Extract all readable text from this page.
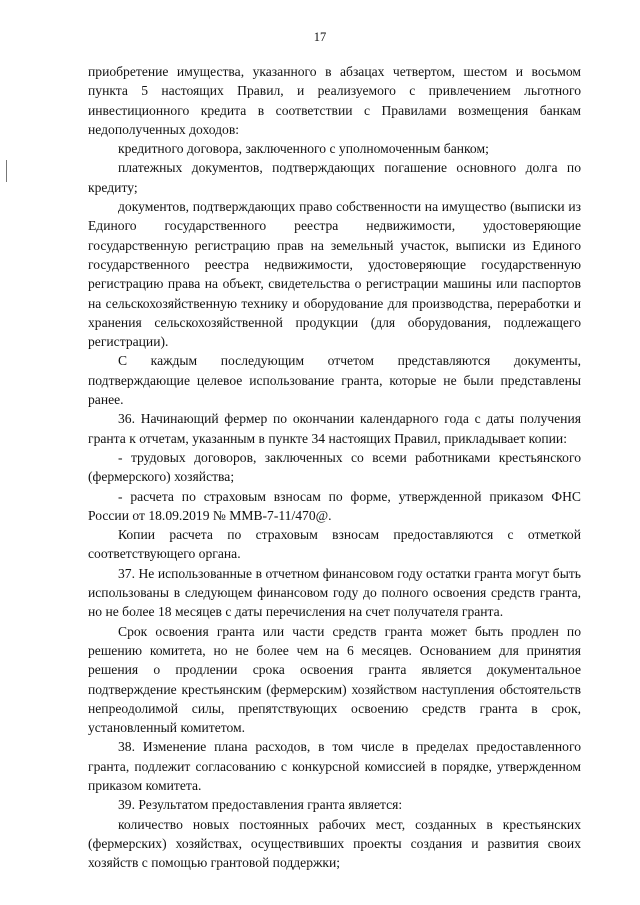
17

приобретение имущества, указанного в абзацах четвертом, шестом и восьмом пункта 5 настоящих Правил, и реализуемого с привлечением льготного инвестиционного кредита в соответствии с Правилами возмещения банкам недополученных доходов:

кредитного договора, заключенного с уполномоченным банком;

платежных документов, подтверждающих погашение основного долга по кредиту;

документов, подтверждающих право собственности на имущество (выписки из Единого государственного реестра недвижимости, удостоверяющие государственную регистрацию прав на земельный участок, выписки из Единого государственного реестра недвижимости, удостоверяющие государственную регистрацию права на объект, свидетельства о регистрации машины или паспортов на сельскохозяйственную технику и оборудование для производства, переработки и хранения сельскохозяйственной продукции (для оборудования, подлежащего регистрации).

С каждым последующим отчетом представляются документы, подтверждающие целевое использование гранта, которые не были представлены ранее.

36. Начинающий фермер по окончании календарного года с даты получения гранта к отчетам, указанным в пункте 34 настоящих Правил, прикладывает копии:

- трудовых договоров, заключенных со всеми работниками крестьянского (фермерского) хозяйства;

- расчета по страховым взносам по форме, утвержденной приказом ФНС России от 18.09.2019 № ММВ-7-11/470@.

Копии расчета по страховым взносам предоставляются с отметкой соответствующего органа.

37. Не использованные в отчетном финансовом году остатки гранта могут быть использованы в следующем финансовом году до полного освоения средств гранта, но не более 18 месяцев с даты перечисления на счет получателя гранта.

Срок освоения гранта или части средств гранта может быть продлен по решению комитета, но не более чем на 6 месяцев. Основанием для принятия решения о продлении срока освоения гранта является документальное подтверждение крестьянским (фермерским) хозяйством наступления обстоятельств непреодолимой силы, препятствующих освоению средств гранта в срок, установленный комитетом.

38. Изменение плана расходов, в том числе в пределах предоставленного гранта, подлежит согласованию с конкурсной комиссией в порядке, утвержденном приказом комитета.

39. Результатом предоставления гранта является:

количество новых постоянных рабочих мест, созданных в крестьянских (фермерских) хозяйствах, осуществивших проекты создания и развития своих хозяйств с помощью грантовой поддержки;
